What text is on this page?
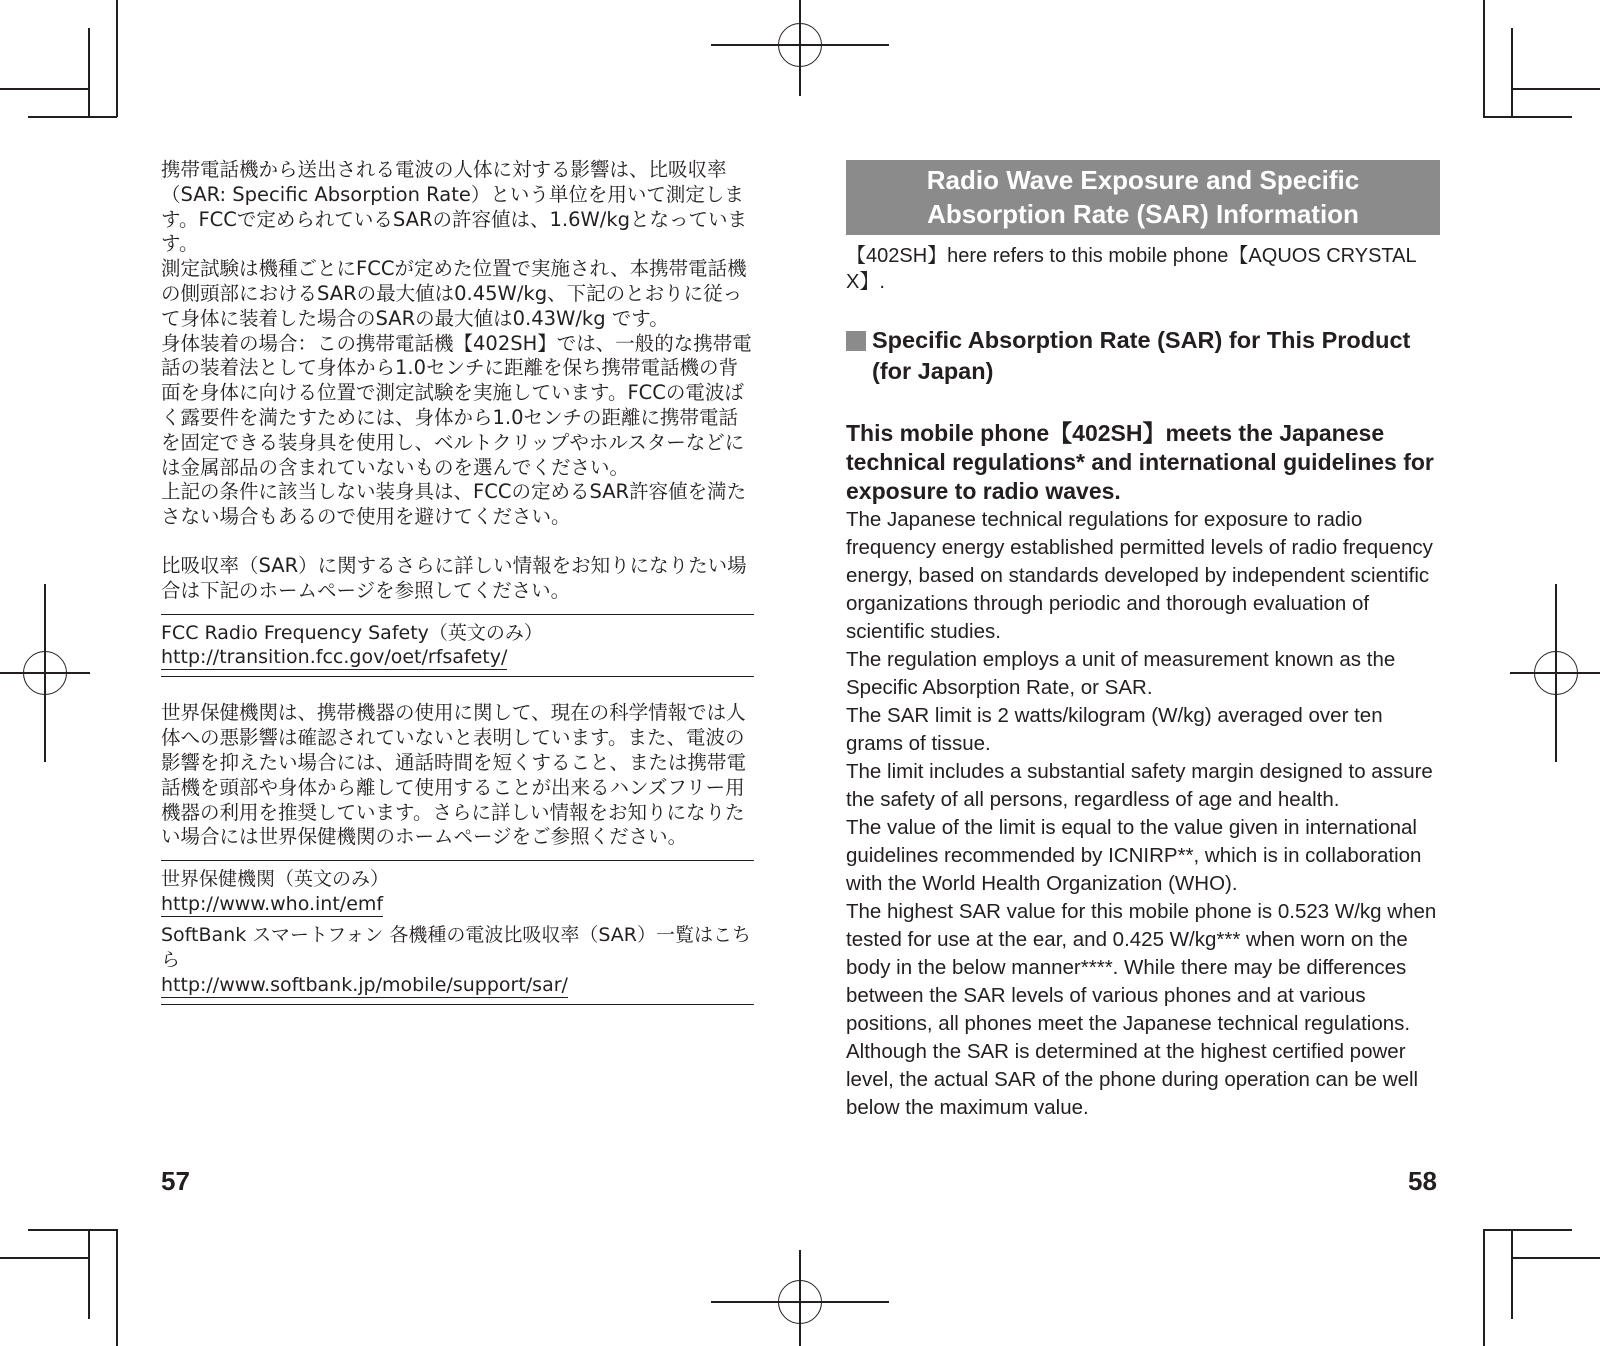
携帯電話機から送出される電波の人体に対する影響は、比吸収率（SAR: Specific Absorption Rate）という単位を用いて測定します。FCCで定められているSARの許容値は、1.6W/kgとなっています。

測定試験は機種ごとにFCCが定めた位置で実施され、本携帯電話機の側頭部におけるSARの最大値は0.45W/kg、下記のとおりに従って身体に装着した場合のSARの最大値は0.43W/kg です。

身体装着の場合：この携帯電話機【402SH】では、一般的な携帯電話の装着法として身体から1.0センチに距離を保ち携帯電話機の背面を身体に向ける位置で測定試験を実施しています。FCCの電波ばく露要件を満たすためには、身体から1.0センチの距離に携帯電話を固定できる装身具を使用し、ベルトクリップやホルスターなどには金属部品の含まれていないものを選んでください。

上記の条件に該当しない装身具は、FCCの定めるSAR許容値を満たさない場合もあるので使用を避けてください。

比吸収率（SAR）に関するさらに詳しい情報をお知りになりたい場合は下記のホームページを参照してください。

FCC Radio Frequency Safety（英文のみ）

http://transition.fcc.gov/oet/rfsafety/

世界保健機関は、携帯機器の使用に関して、現在の科学情報では人体への悪影響は確認されていないと表明しています。また、電波の影響を抑えたい場合には、通話時間を短くすること、または携帯電話機を頭部や身体から離して使用することが出来るハンズフリー用機器の利用を推奨しています。さらに詳しい情報をお知りになりたい場合には世界保健機関のホームページをご参照ください。

世界保健機関（英文のみ）

http://www.who.int/emf

SoftBank スマートフォン 各機種の電波比吸収率（SAR）一覧はこちら

http://www.softbank.jp/mobile/support/sar/

57
Radio Wave Exposure and Specific
Absorption Rate (SAR) Information

【402SH】here refers to this mobile phone【AQUOS CRYSTAL X】.

Specific Absorption Rate (SAR) for This Product (for Japan)

This mobile phone【402SH】meets the Japanese technical regulations* and international guidelines for exposure to radio waves.

The Japanese technical regulations for exposure to radio frequency energy established permitted levels of radio frequency energy, based on standards developed by independent scientific organizations through periodic and thorough evaluation of scientific studies.

The regulation employs a unit of measurement known as the Specific Absorption Rate, or SAR.

The SAR limit is 2 watts/kilogram (W/kg) averaged over ten grams of tissue.

The limit includes a substantial safety margin designed to assure the safety of all persons, regardless of age and health.

The value of the limit is equal to the value given in international guidelines recommended by ICNIRP**, which is in collaboration with the World Health Organization (WHO).

The highest SAR value for this mobile phone is 0.523 W/kg when tested for use at the ear, and 0.425 W/kg*** when worn on the body in the below manner****. While there may be differences between the SAR levels of various phones and at various positions, all phones meet the Japanese technical regulations.

Although the SAR is determined at the highest certified power level, the actual SAR of the phone during operation can be well below the maximum value.

58
